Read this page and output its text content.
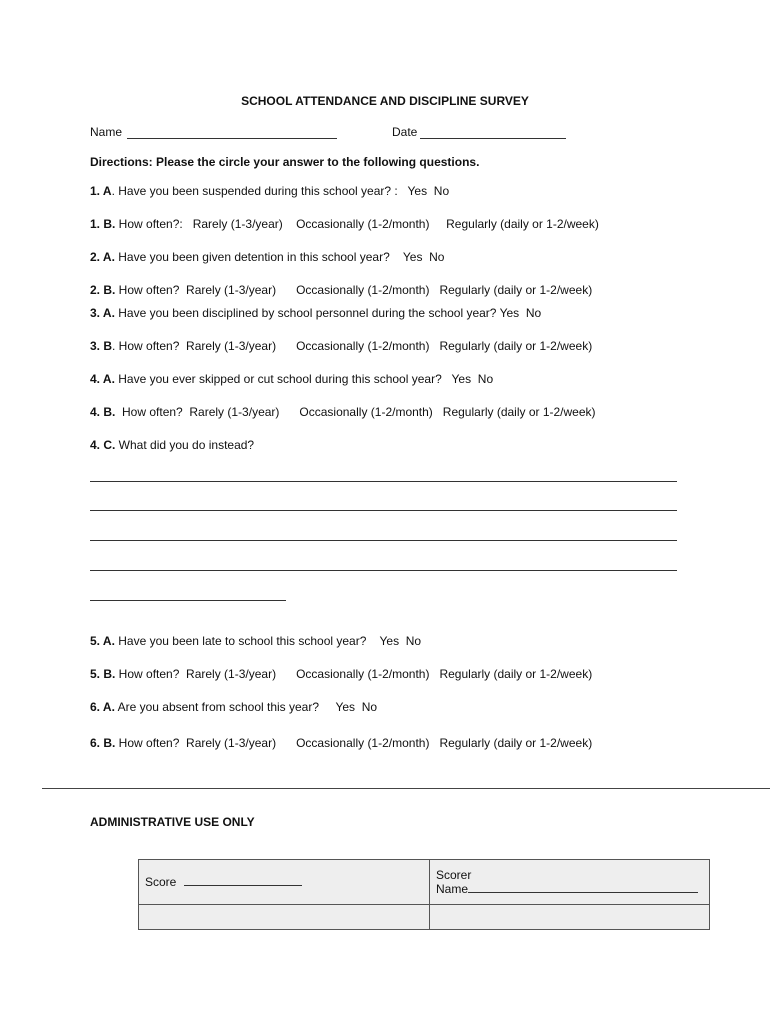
SCHOOL ATTENDANCE AND DISCIPLINE SURVEY
Name	Date
Directions: Please the circle your answer to the following questions.
1. A. Have you been suspended during this school year? :   Yes  No
1. B. How often?:   Rarely (1-3/year)    Occasionally (1-2/month)     Regularly (daily or 1-2/week)
2. A. Have you been given detention in this school year?    Yes  No
2. B. How often?  Rarely (1-3/year)      Occasionally (1-2/month)   Regularly (daily or 1-2/week)
3. A. Have you been disciplined by school personnel during the school year? Yes  No
3. B. How often?  Rarely (1-3/year)      Occasionally (1-2/month)   Regularly (daily or 1-2/week)
4. A. Have you ever skipped or cut school during this school year?   Yes  No
4. B.  How often?  Rarely (1-3/year)      Occasionally (1-2/month)   Regularly (daily or 1-2/week)
4. C. What did you do instead?
5. A. Have you been late to school this school year?    Yes  No
5. B. How often?  Rarely (1-3/year)      Occasionally (1-2/month)   Regularly (daily or 1-2/week)
6. A. Are you absent from school this year?     Yes  No
6. B. How often?  Rarely (1-3/year)      Occasionally (1-2/month)   Regularly (daily or 1-2/week)
ADMINISTRATIVE USE ONLY
Score	Scorer
Name
